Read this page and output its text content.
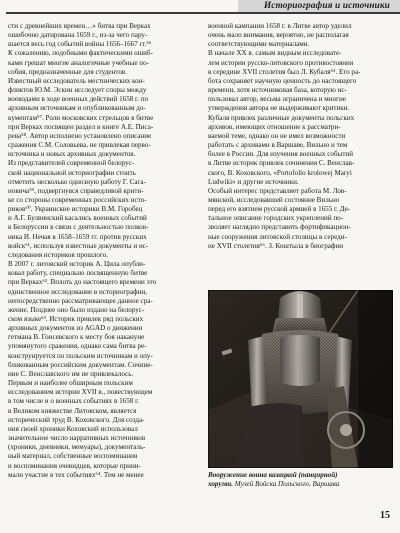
Историография и источники

сти с древнейших времен…» битва при Верках

ошибочно датирована 1659 г., из-за чего пару-

шается весь год событий войны 1656–1667 гг.⁵⁶

К сожалению, подобными фактическими ошиб-

ками грешат многие аналогичные учебные по-

собия, предназначенные для студентов.

Известный исследователь местнических кон-

фликтов Ю.М. Эскин исследует споры между

воеводами в ходе военных действий 1658 г. по

архивным источникам и опубликованным до-

кументам⁵⁷. Роли московских стрельцов в битве

при Верках посвящен раздел в книге А.Е. Писа-

рева⁵⁸. Автор исполнено установлено описание

сражения С.М. Соловьева, не привлекая перво-

источника и новых архивных документов.

Из представителей современной белорус-

ской национальной историографии стоить

отметить несколько однозную работу Г. Сага-

новича⁵⁹, подвергнувся справедливой крити-

ке со стороны современных российских исто-

риков⁶⁰. Украинские историки В.М. Горобец

и А.Г. Булвинский касались военных событий

в Белоруссии в связи с деятельностью полков-

ника И. Нечая в 1658–1659 гг. против русских

войск⁶¹, используя известные документы и ис-

следования историков прошлого.

В 2007 г. литовский историк А. Цила опубли-

ковал работу, специально посвященную битве

при Верках⁶². Вплоть до настоящего времени это

единственное исследование в историографии,

непосредственно рассматривающее данное сра-

жение. Позднее оно было издано на белорус-

ском языке⁶³. Историк привлек ряд польских

архивных документов из AGAD о движении

гетмана В. Гонсевского к месту боя накануне

упомянутого сражения, однако сама битва ре-

конструируется по польским источникам и опу-

бликованным российским документам. Сочине-

ние С. Венславского им не привлекалось.

Первым и наиболее обширным польским

исследованием истории XVII в., повествующем

в том числе и о военных событиях в 1658 г.

в Великом княжестве Литовском, является

исторический труд В. Коховского. Для созда-

ния своей хроники Коховский использовал

значительное число нарративных источников

(хроники, дневники, мемуары), документаль-

ный материал, собственные воспоминания

и воспоминания очевидцев, которые прини-

мали участие в тех событиях⁶⁴. Тем не менее

военной кампании 1658 г. в Литве автор уделил

очень мало внимания, вероятно, не располагая

соответствующими материалами.

В начале XX в. самым видным исследовате-

лем истории русско-литовского противостояния

в середине XVII столетия был Л. Кубаля⁶⁵. Его ра-

бота сохраняет научную ценность до настоящего

времени, хотя источниковая база, которую ис-

пользовал автор, весьма ограничена и многие

утверждения автора не выдерживают критики.

Кубаля привлек различные документы польских

архивов, имеющих отношение к рассматри-

ваемой теме, однако он не имел возможности

работать с архивами в Варшаве, Вильно и тем

более в России. Для изучения военных событий

в Литве историк привлек сочинения С. Венслав-

ского, В. Коховского, «Portofolio krolowej Maryi

Ludwiki» и другие источники.

Особый интерес представляет работа М. Лов-

мянской, исследовавшей состояние Вильно

перед его взятием русской армией в 1655 г. Де-

тальное описание городских укреплений по-

зволяет наглядно представить фортификацион-

ные сооружения литовской столицы в середи-

не XVII столетия⁶⁶. З. Коштыла в биографии

Вооружение воина казацкой (панцирной)

хоругви. Музей Войска Польского, Варшава

15
